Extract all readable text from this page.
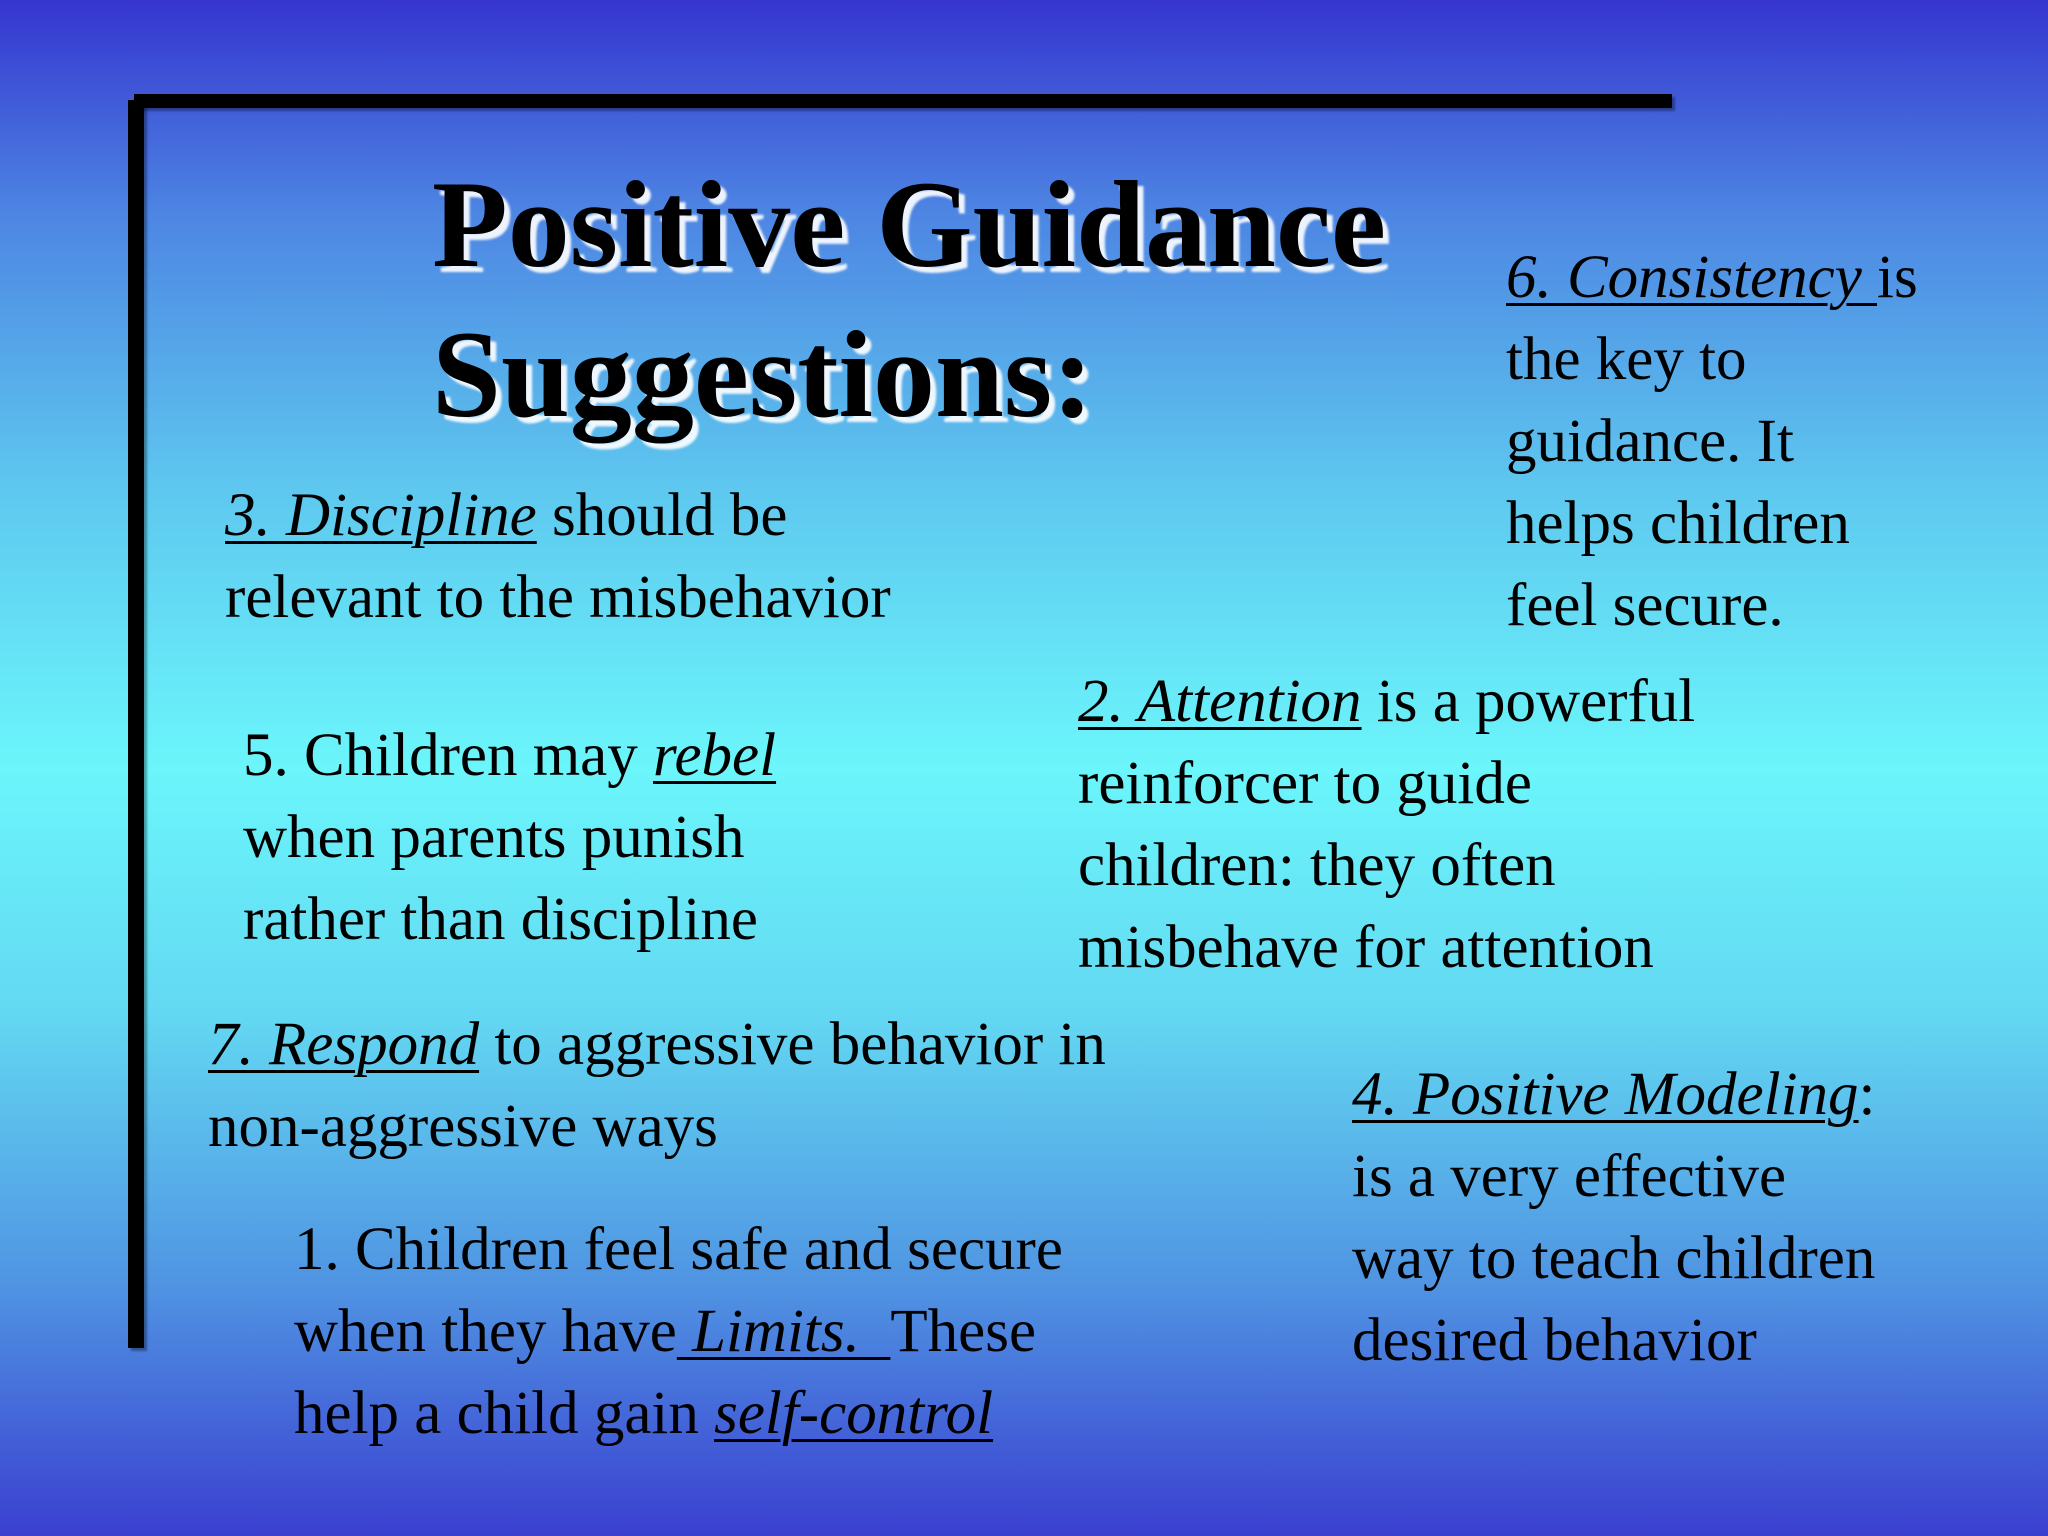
Positive Guidance
Suggestions:
6. Consistency is
the key to
guidance. It
helps children
feel secure.
3. Discipline should be
relevant to the misbehavior
5. Children may rebel
when parents punish
rather than discipline
2. Attention is a powerful
reinforcer to guide
children: they often
misbehave for attention
7. Respond to aggressive behavior in
non-aggressive ways	4. Positive Modeling:
is a very effective
way to teach children
desired behavior
1. Children feel safe and secure
when they have Limits.  These
help a child gain self-control
